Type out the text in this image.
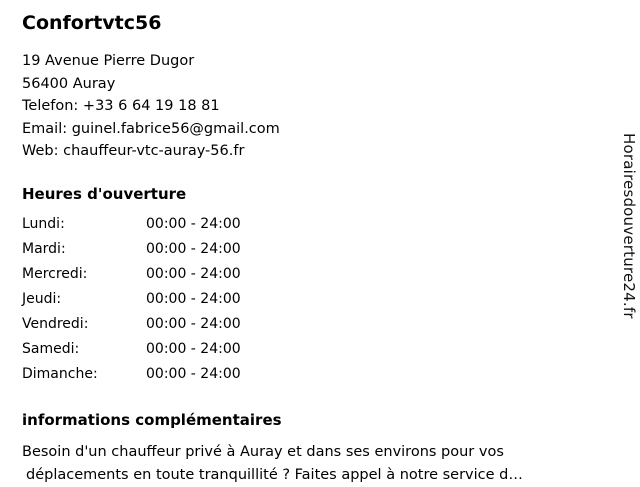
Confortvtc56
19 Avenue Pierre Dugor
56400 Auray
Telefon: +33 6 64 19 18 81
Email: guinel.fabrice56@gmail.com
Web: chauffeur-vtc-auray-56.fr
Heures d'ouverture
Lundi:	00:00 - 24:00
Mardi:	00:00 - 24:00
Mercredi:	00:00 - 24:00
Jeudi:	00:00 - 24:00
Vendredi:	00:00 - 24:00
Samedi:	00:00 - 24:00
Dimanche:	00:00 - 24:00
informations complémentaires
Besoin d'un chauffeur privé à Auray et dans ses environs pour vos
déplacements en toute tranquillité ? Faites appel à notre service d…
Horairesdouverture24.fr
